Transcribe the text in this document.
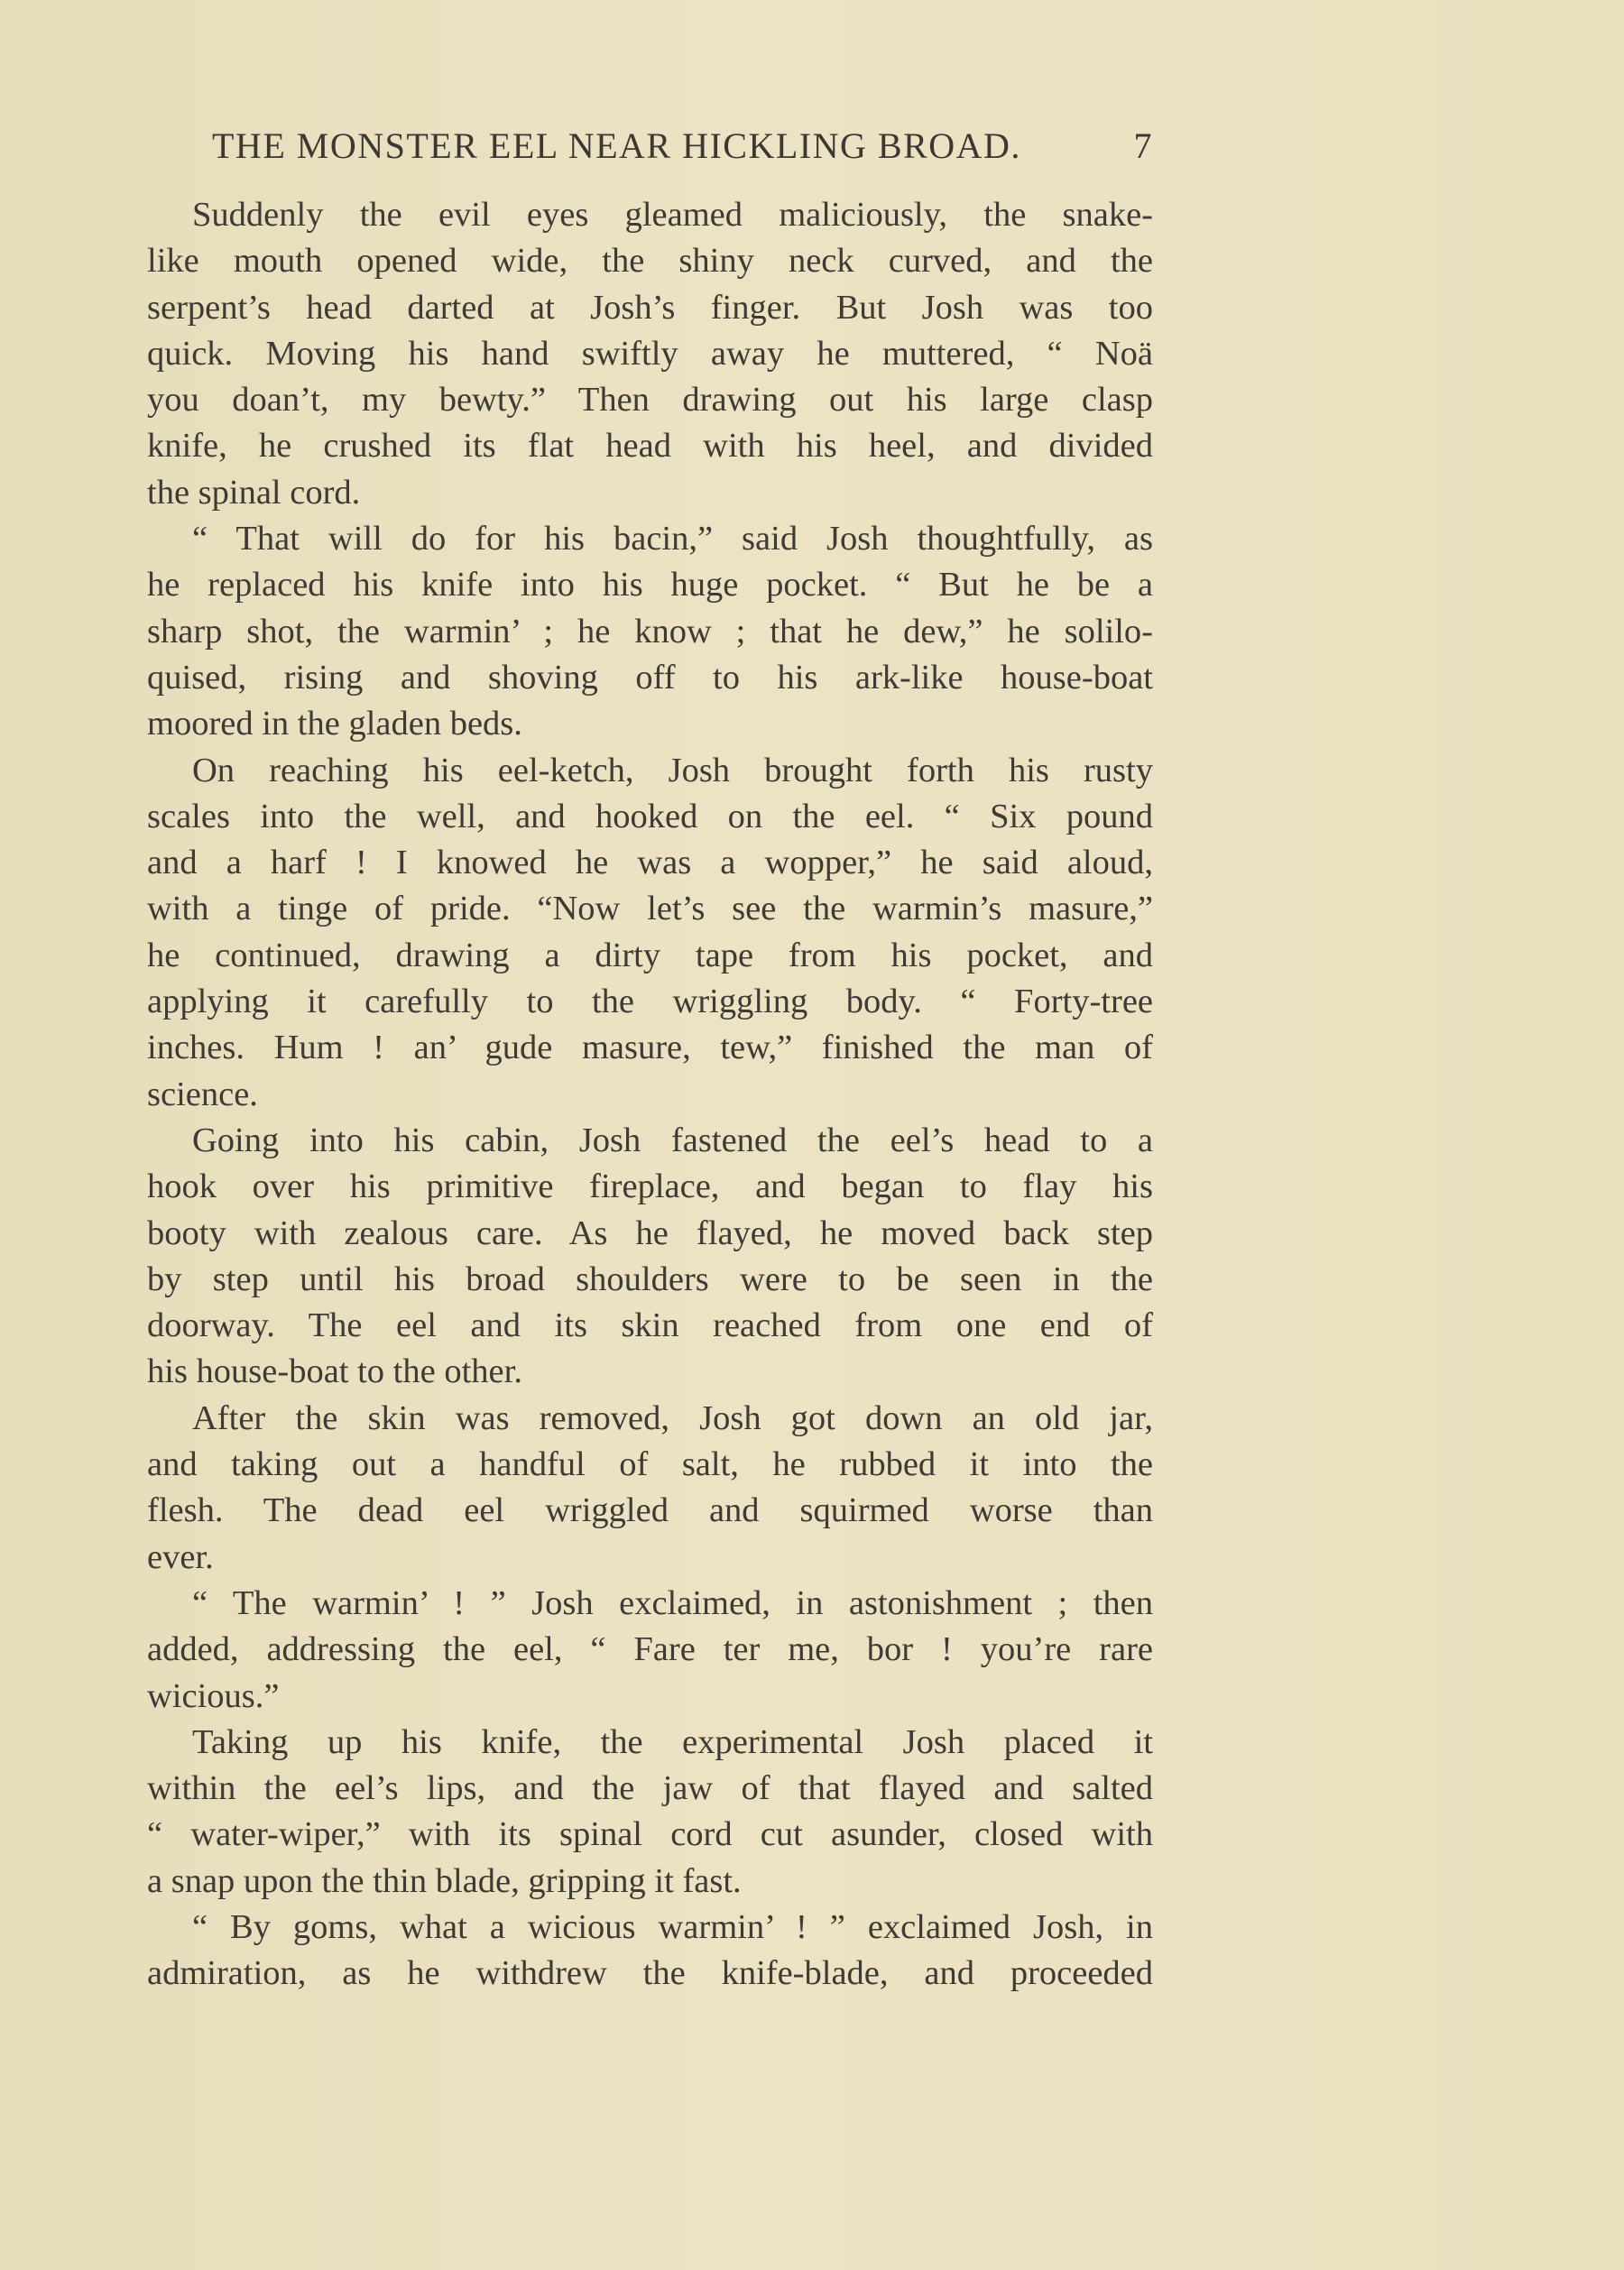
THE MONSTER EEL NEAR HICKLING BROAD.	7
Suddenly the evil eyes gleamed maliciously, the snake-
like mouth opened wide, the shiny neck curved, and the
serpent’s head darted at Josh’s finger. But Josh was too
quick. Moving his hand swiftly away he muttered, “ Noä
you doan’t, my bewty.” Then drawing out his large clasp
knife, he crushed its flat head with his heel, and divided
the spinal cord.
“ That will do for his bacin,” said Josh thoughtfully, as
he replaced his knife into his huge pocket. “ But he be a
sharp shot, the warmin’ ; he know ; that he dew,” he solilo-
quised, rising and shoving off to his ark-like house-boat
moored in the gladen beds.
On reaching his eel-ketch, Josh brought forth his rusty
scales into the well, and hooked on the eel. “ Six pound
and a harf ! I knowed he was a wopper,” he said aloud,
with a tinge of pride. “Now let’s see the warmin’s masure,”
he continued, drawing a dirty tape from his pocket, and
applying it carefully to the wriggling body. “ Forty-tree
inches. Hum ! an’ gude masure, tew,” finished the man of
science.
Going into his cabin, Josh fastened the eel’s head to a
hook over his primitive fireplace, and began to flay his
booty with zealous care. As he flayed, he moved back step
by step until his broad shoulders were to be seen in the
doorway. The eel and its skin reached from one end of
his house-boat to the other.
After the skin was removed, Josh got down an old jar,
and taking out a handful of salt, he rubbed it into the
flesh. The dead eel wriggled and squirmed worse than
ever.
“ The warmin’ ! ” Josh exclaimed, in astonishment ; then
added, addressing the eel, “ Fare ter me, bor ! you’re rare
wicious.”
Taking up his knife, the experimental Josh placed it
within the eel’s lips, and the jaw of that flayed and salted
“ water-wiper,” with its spinal cord cut asunder, closed with
a snap upon the thin blade, gripping it fast.
“ By goms, what a wicious warmin’ ! ” exclaimed Josh, in
admiration, as he withdrew the knife-blade, and proceeded
